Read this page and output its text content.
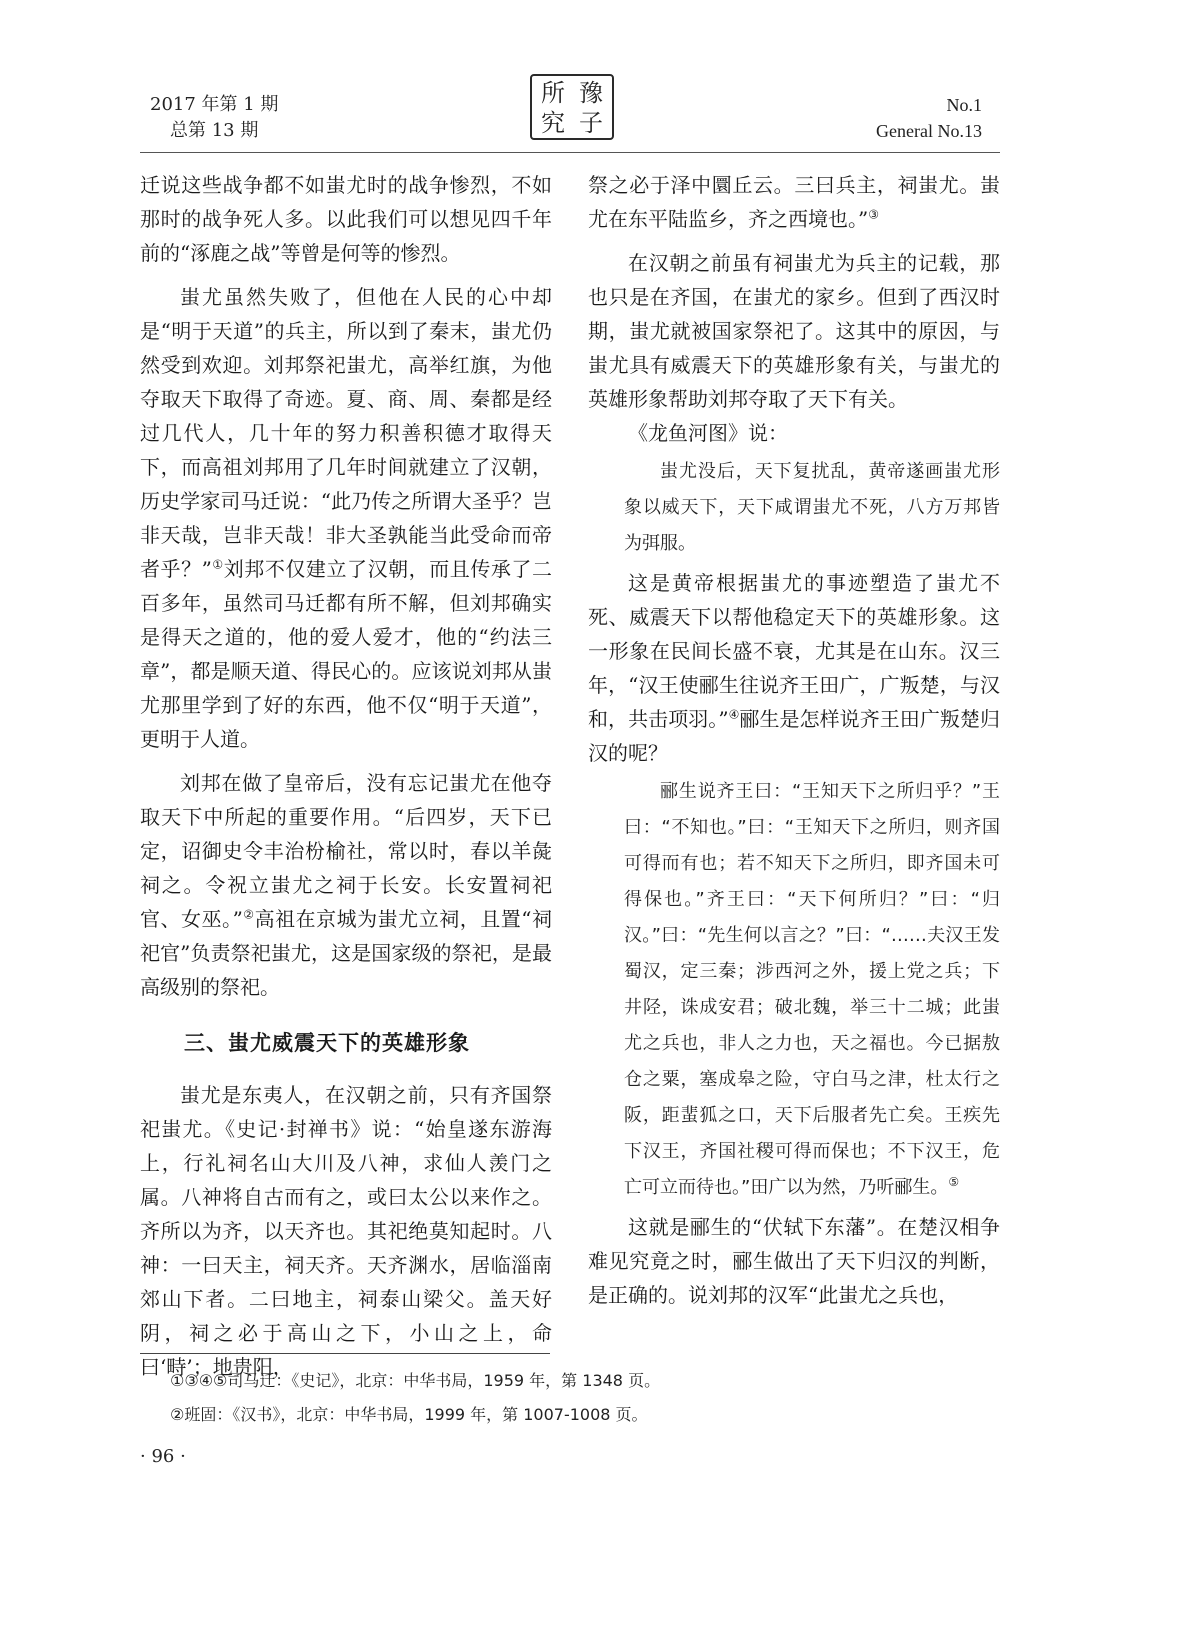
2017 年第 1 期
总第 13 期
所 豫
究 子
No.1
General No.13

迁说这些战争都不如蚩尤时的战争惨烈，不如那时的战争死人多。以此我们可以想见四千年前的“涿鹿之战”等曾是何等的惨烈。

蚩尤虽然失败了，但他在人民的心中却是“明于天道”的兵主，所以到了秦末，蚩尤仍然受到欢迎。刘邦祭祀蚩尤，高举红旗，为他夺取天下取得了奇迹。夏、商、周、秦都是经过几代人，几十年的努力积善积德才取得天下，而高祖刘邦用了几年时间就建立了汉朝，历史学家司马迁说：“此乃传之所谓大圣乎？岂非天哉，岂非天哉！非大圣孰能当此受命而帝者乎？”①刘邦不仅建立了汉朝，而且传承了二百多年，虽然司马迁都有所不解，但刘邦确实是得天之道的，他的爱人爱才，他的“约法三章”，都是顺天道、得民心的。应该说刘邦从蚩尤那里学到了好的东西，他不仅“明于天道”，更明于人道。

刘邦在做了皇帝后，没有忘记蚩尤在他夺取天下中所起的重要作用。“后四岁，天下已定，诏御史令丰治枌榆社，常以时，春以羊彘祠之。令祝立蚩尤之祠于长安。长安置祠祀官、女巫。”②高祖在京城为蚩尤立祠，且置“祠祀官”负责祭祀蚩尤，这是国家级的祭祀，是最高级别的祭祀。

三、蚩尤威震天下的英雄形象

蚩尤是东夷人，在汉朝之前，只有齐国祭祀蚩尤。《史记·封禅书》说：“始皇遂东游海上，行礼祠名山大川及八神，求仙人羡门之属。八神将自古而有之，或曰太公以来作之。齐所以为齐，以天齐也。其祀绝莫知起时。八神：一曰天主，祠天齐。天齐渊水，居临淄南郊山下者。二曰地主，祠泰山梁父。盖天好阴，祠之必于高山之下，小山之上，命曰‘畤’；地贵阳，

祭之必于泽中圜丘云。三曰兵主，祠蚩尤。蚩尤在东平陆监乡，齐之西境也。”③

在汉朝之前虽有祠蚩尤为兵主的记载，那也只是在齐国，在蚩尤的家乡。但到了西汉时期，蚩尤就被国家祭祀了。这其中的原因，与蚩尤具有威震天下的英雄形象有关，与蚩尤的英雄形象帮助刘邦夺取了天下有关。

《龙鱼河图》说：

蚩尤没后，天下复扰乱，黄帝遂画蚩尤形象以威天下，天下咸谓蚩尤不死，八方万邦皆为弭服。

这是黄帝根据蚩尤的事迹塑造了蚩尤不死、威震天下以帮他稳定天下的英雄形象。这一形象在民间长盛不衰，尤其是在山东。汉三年，“汉王使郦生往说齐王田广，广叛楚，与汉和，共击项羽。”④郦生是怎样说齐王田广叛楚归汉的呢？

郦生说齐王曰：“王知天下之所归乎？”王曰：“不知也。”曰：“王知天下之所归，则齐国可得而有也；若不知天下之所归，即齐国未可得保也。”齐王曰：“天下何所归？”曰：“归汉。”曰：“先生何以言之？”曰：“……夫汉王发蜀汉，定三秦；涉西河之外，援上党之兵；下井陉，诛成安君；破北魏，举三十二城；此蚩尤之兵也，非人之力也，天之福也。今已据敖仓之粟，塞成皋之险，守白马之津，杜太行之阪，距蜚狐之口，天下后服者先亡矣。王疾先下汉王，齐国社稷可得而保也；不下汉王，危亡可立而待也。”田广以为然，乃听郦生。⑤

这就是郦生的“伏轼下东藩”。在楚汉相争难见究竟之时，郦生做出了天下归汉的判断，是正确的。说刘邦的汉军“此蚩尤之兵也，

①③④⑤司马迁：《史记》，北京：中华书局，1959 年，第 1348 页。
②班固：《汉书》，北京：中华书局，1999 年，第 1007-1008 页。
· 96 ·
